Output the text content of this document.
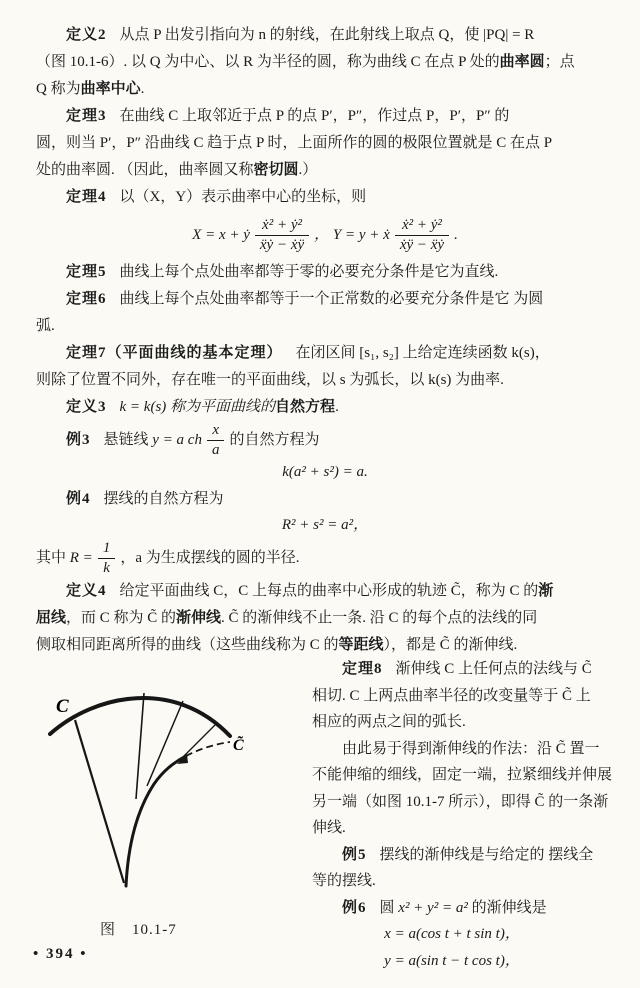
定义2 从点 P 出发引指向为 n 的射线，在此射线上取点 Q，使 |PQ| = R
（图 10.1-6）. 以 Q 为中心、以 R 为半径的圆，称为曲线 C 在点 P 处的曲率圆；点
Q 称为曲率中心.
定理3 在曲线 C 上取邻近于点 P 的点 P′，P″，作过点 P，P′，P″ 的
圆，则当 P′，P″ 沿曲线 C 趋于点 P 时，上面所作的圆的极限位置就是 C 在点 P
处的曲率圆. （因此，曲率圆又称密切圆.）
定理4 以（X，Y）表示曲率中心的坐标，则
X = x + ẏ $\frac{\text{ẋ² + ẏ²}}{\text{ẍẏ − ẋÿ}}$ ， Y = y + ẋ $\frac{\text{ẋ² + ẏ²}}{\text{ẋÿ − ẍẏ}}$ .
定理5 曲线上每个点处曲率都等于零的必要充分条件是它为直线.
定理6 曲线上每个点处曲率都等于一个正常数的必要充分条件是它 为圆
弧.
定理7（平面曲线的基本定理） 在闭区间 [s₁, s₂] 上给定连续函数 k(s)，
则除了位置不同外，存在唯一的平面曲线，以 s 为弧长，以 k(s) 为曲率.
定义3 k = k(s) 称为平面曲线的自然方程.
例3 悬链线 y = a ch $\frac{x}{a}$ 的自然方程为
k(a² + s²) = a.
例4 摆线的自然方程为
R² + s² = a²，
其中 $R = \frac{1}{k}$ ，a 为生成摆线的圆的半径.
定义4 给定平面曲线 C，C 上每点的曲率中心形成的轨迹 C̃，称为 C 的渐
屈线，而 C 称为 C̃ 的渐伸线. C̃ 的渐伸线不止一条. 沿 C 的每个点的法线的同
侧取相同距离所得的曲线（这些曲线称为 C 的等距线），都是 C̃ 的渐伸线.
定理8 渐伸线 C 上任何点的法线与 C̃
相切. C 上两点曲率半径的改变量等于 C̃ 上
相应的两点之间的弧长.
由此易于得到渐伸线的作法：沿 C̃ 置一
不能伸缩的细线，固定一端，拉紧细线并伸展
另一端（如图 10.1-7 所示），即得 C̃ 的一条渐
伸线.
例5 摆线的渐伸线是与给定的 摆线全
等的摆线.
例6 圆 x² + y² = a² 的渐伸线是
x = a(cos t + t sin t)，
y = a(sin t − t cos t)，
C
C̃
图　10.1-7
• 394 •
